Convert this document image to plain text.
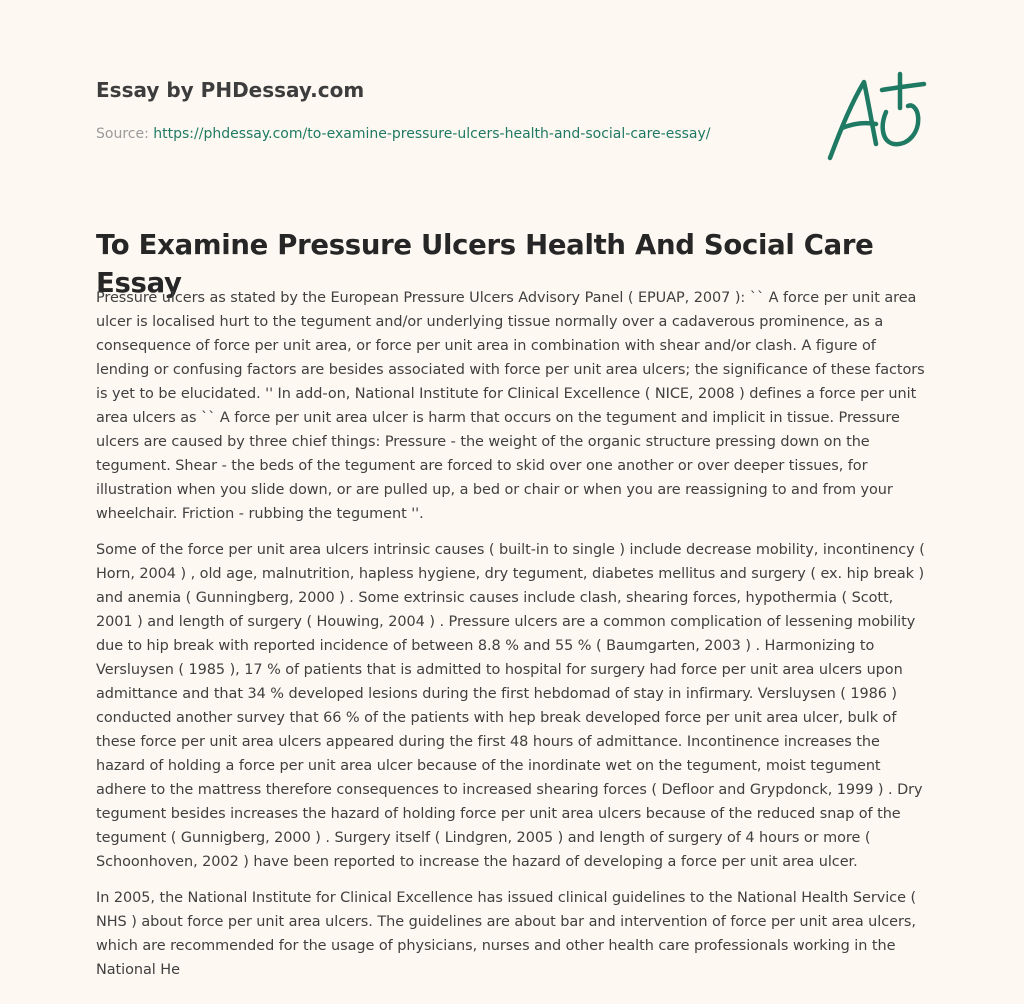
Essay by PHDessay.com
Source: https://phdessay.com/to-examine-pressure-ulcers-health-and-social-care-essay/
To Examine Pressure Ulcers Health And Social Care Essay

Pressure ulcers as stated by the European Pressure Ulcers Advisory Panel ( EPUAP, 2007 ): `` A force per unit area ulcer is localised hurt to the tegument and/or underlying tissue normally over a cadaverous prominence, as a consequence of force per unit area, or force per unit area in combination with shear and/or clash. A figure of lending or confusing factors are besides associated with force per unit area ulcers; the significance of these factors is yet to be elucidated. '' In add-on, National Institute for Clinical Excellence ( NICE, 2008 ) defines a force per unit area ulcers as `` A force per unit area ulcer is harm that occurs on the tegument and implicit in tissue. Pressure ulcers are caused by three chief things: Pressure - the weight of the organic structure pressing down on the tegument. Shear - the beds of the tegument are forced to skid over one another or over deeper tissues, for illustration when you slide down, or are pulled up, a bed or chair or when you are reassigning to and from your wheelchair. Friction - rubbing the tegument ''.

Some of the force per unit area ulcers intrinsic causes ( built-in to single ) include decrease mobility, incontinency ( Horn, 2004 ) , old age, malnutrition, hapless hygiene, dry tegument, diabetes mellitus and surgery ( ex. hip break ) and anemia ( Gunningberg, 2000 ) . Some extrinsic causes include clash, shearing forces, hypothermia ( Scott, 2001 ) and length of surgery ( Houwing, 2004 ) . Pressure ulcers are a common complication of lessening mobility due to hip break with reported incidence of between 8.8 % and 55 % ( Baumgarten, 2003 ) . Harmonizing to Versluysen ( 1985 ), 17 % of patients that is admitted to hospital for surgery had force per unit area ulcers upon admittance and that 34 % developed lesions during the first hebdomad of stay in infirmary. Versluysen ( 1986 ) conducted another survey that 66 % of the patients with hep break developed force per unit area ulcer, bulk of these force per unit area ulcers appeared during the first 48 hours of admittance. Incontinence increases the hazard of holding a force per unit area ulcer because of the inordinate wet on the tegument, moist tegument adhere to the mattress therefore consequences to increased shearing forces ( Defloor and Grypdonck, 1999 ) . Dry tegument besides increases the hazard of holding force per unit area ulcers because of the reduced snap of the tegument ( Gunnigberg, 2000 ) . Surgery itself ( Lindgren, 2005 ) and length of surgery of 4 hours or more ( Schoonhoven, 2002 ) have been reported to increase the hazard of developing a force per unit area ulcer.

In 2005, the National Institute for Clinical Excellence has issued clinical guidelines to the National Health Service ( NHS ) about force per unit area ulcers. The guidelines are about bar and intervention of force per unit area ulcers, which are recommended for the usage of physicians, nurses and other health care professionals working in the National He
